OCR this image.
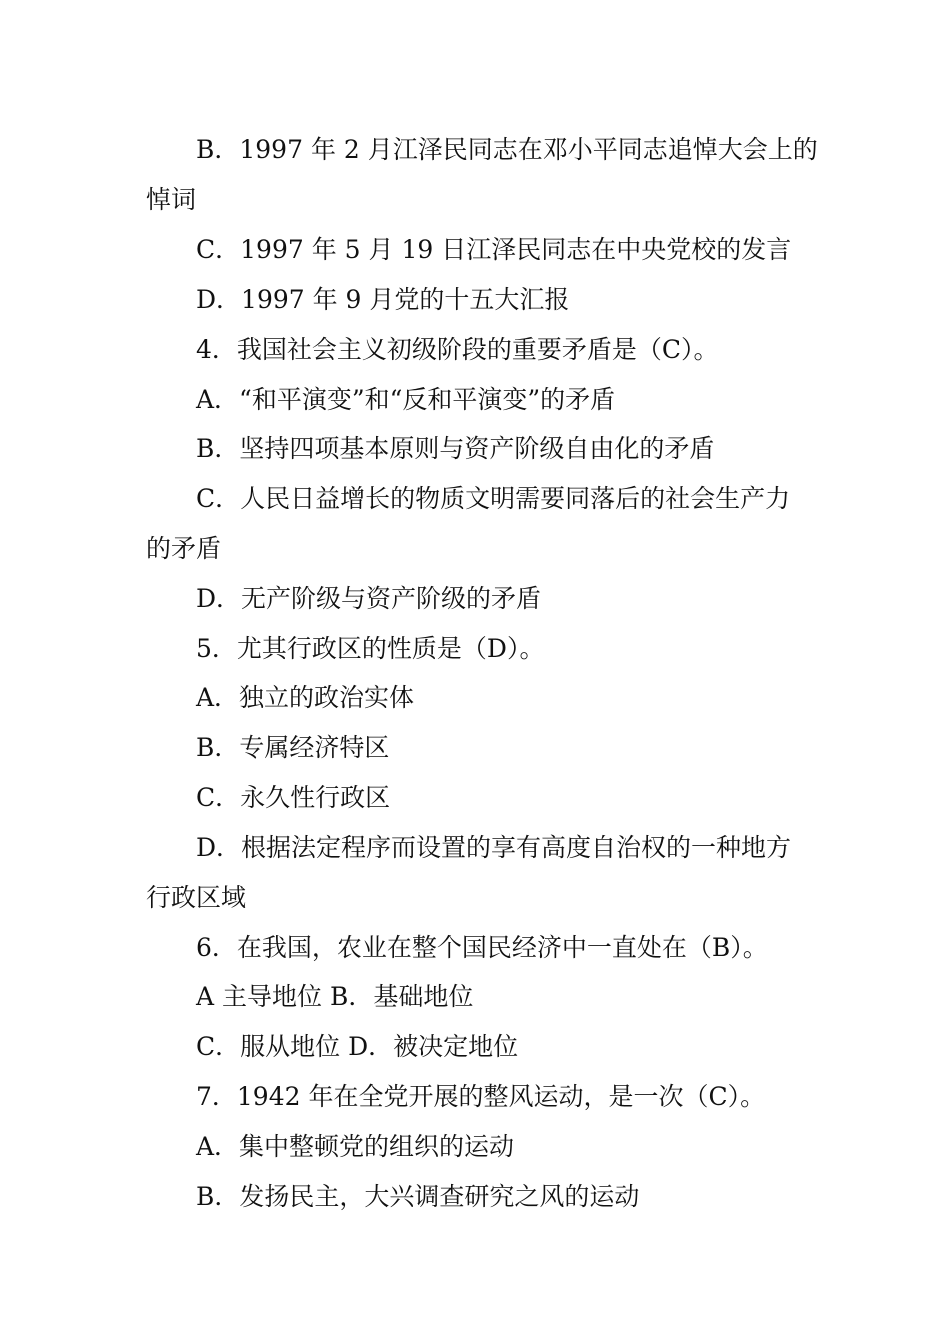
B．1997 年 2 月江泽民同志在邓小平同志追悼大会上的
悼词
C．1997 年 5 月 19 日江泽民同志在中央党校的发言
D．1997 年 9 月党的十五大汇报
4．我国社会主义初级阶段的重要矛盾是（C）。
A．“和平演变”和“反和平演变”的矛盾
B．坚持四项基本原则与资产阶级自由化的矛盾
C．人民日益增长的物质文明需要同落后的社会生产力
的矛盾
D．无产阶级与资产阶级的矛盾
5．尤其行政区的性质是（D）。
A．独立的政治实体
B．专属经济特区
C．永久性行政区
D．根据法定程序而设置的享有高度自治权的一种地方
行政区域
6．在我国，农业在整个国民经济中一直处在（B）。
A 主导地位 B．基础地位
C．服从地位 D．被决定地位
7．1942 年在全党开展的整风运动，是一次（C）。
A．集中整顿党的组织的运动
B．发扬民主，大兴调查研究之风的运动
